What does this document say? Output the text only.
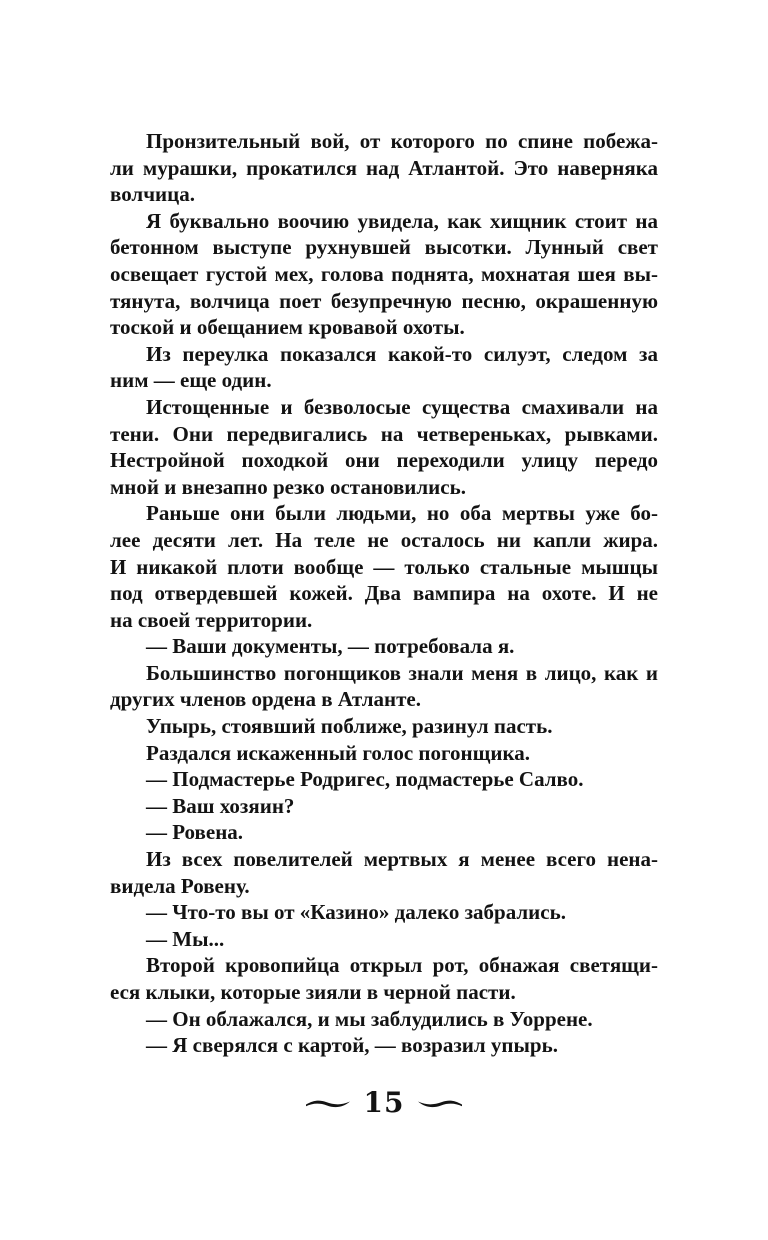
Пронзительный вой, от которого по спине побежа-
ли мурашки, прокатился над Атлантой. Это наверняка
волчица.
Я буквально воочию увидела, как хищник стоит на
бетонном выступе рухнувшей высотки. Лунный свет
освещает густой мех, голова поднята, мохнатая шея вы-
тянута, волчица поет безупречную песню, окрашенную
тоской и обещанием кровавой охоты.
Из переулка показался какой-то силуэт, следом за
ним — еще один.
Истощенные и безволосые существа смахивали на
тени. Они передвигались на четвереньках, рывками.
Нестройной походкой они переходили улицу передо
мной и внезапно резко остановились.
Раньше они были людьми, но оба мертвы уже бо-
лее десяти лет. На теле не осталось ни капли жира.
И никакой плоти вообще — только стальные мышцы
под отвердевшей кожей. Два вампира на охоте. И не
на своей территории.
— Ваши документы, — потребовала я.
Большинство погонщиков знали меня в лицо, как и
других членов ордена в Атланте.
Упырь, стоявший поближе, разинул пасть.
Раздался искаженный голос погонщика.
— Подмастерье Родригес, подмастерье Салво.
— Ваш хозяин?
— Ровена.
Из всех повелителей мертвых я менее всего нена-
видела Ровену.
— Что-то вы от «Казино» далеко забрались.
— Мы...
Второй кровопийца открыл рот, обнажая светящи-
еся клыки, которые зияли в черной пасти.
— Он облажался, и мы заблудились в Уоррене.
— Я сверялся с картой, — возразил упырь.
15
